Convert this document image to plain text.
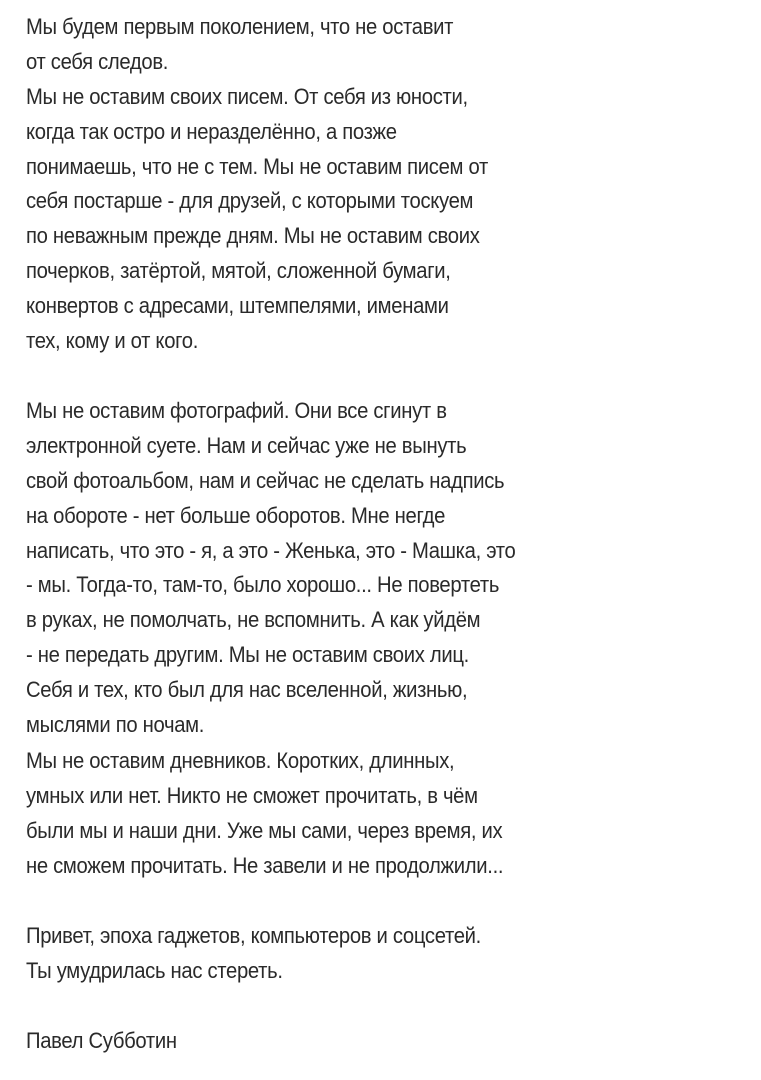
Мы будем первым поколением, что не оставит
от себя следов.
Мы не оставим своих писем. От себя из юности,
когда так остро и неразделённо, а позже
понимаешь, что не с тем. Мы не оставим писем от
себя постарше - для друзей, с которыми тоскуем
по неважным прежде дням. Мы не оставим своих
почерков, затёртой, мятой, сложенной бумаги,
конвертов с адресами, штемпелями, именами
тех, кому и от кого.
Мы не оставим фотографий. Они все сгинут в
электронной суете. Нам и сейчас уже не вынуть
свой фотоальбом, нам и сейчас не сделать надпись
на обороте - нет больше оборотов. Мне негде
написать, что это - я, а это - Женька, это - Машка, это
- мы. Тогда-то, там-то, было хорошо... Не повертеть
в руках, не помолчать, не вспомнить. А как уйдём
- не передать другим. Мы не оставим своих лиц.
Себя и тех, кто был для нас вселенной, жизнью,
мыслями по ночам.
Мы не оставим дневников. Коротких, длинных,
умных или нет. Никто не сможет прочитать, в чём
были мы и наши дни. Уже мы сами, через время, их
не сможем прочитать. Не завели и не продолжили...
Привет, эпоха гаджетов, компьютеров и соцсетей.
Ты умудрилась нас стереть.
Павел Субботин
